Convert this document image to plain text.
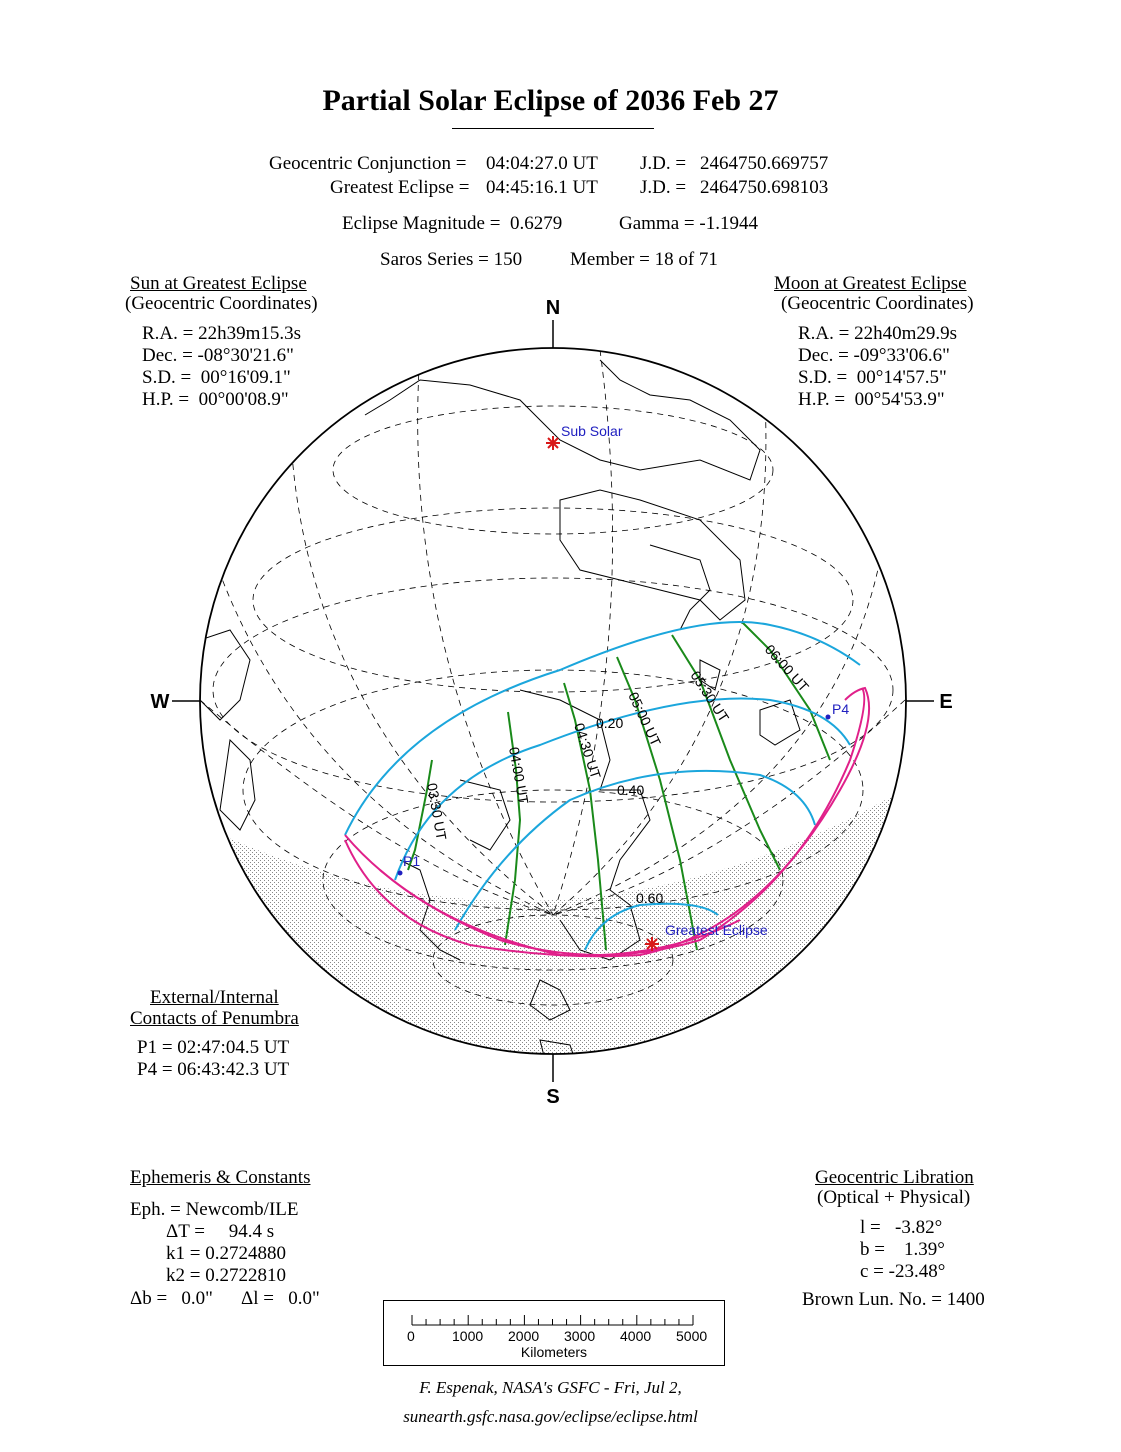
Partial Solar Eclipse of 2036 Feb 27
Geocentric Conjunction = 04:04:27.0 UT J.D. = 2464750.669757
Greatest Eclipse = 04:45:16.1 UT J.D. = 2464750.698103
Eclipse Magnitude =  0.6279	Gamma = -1.1944
Saros Series = 150	Member = 18 of 71
Sun at Greatest Eclipse
(Geocentric Coordinates)
R.A. = 22h39m15.3s
Dec. = -08°30'21.6"
S.D. =  00°16'09.1"
H.P. =  00°00'08.9"
Moon at Greatest Eclipse
(Geocentric Coordinates)
R.A. = 22h40m29.9s
Dec. = -09°33'06.6"
S.D. =  00°14'57.5"
H.P. =  00°54'53.9"
External/Internal
Contacts of Penumbra
P1 = 02:47:04.5 UT
P4 = 06:43:42.3 UT
Ephemeris & Constants
Eph. = Newcomb/ILE
ΔT =     94.4 s
k1 = 0.2724880
k2 = 0.2722810
Δb =   0.0" Δl =   0.0"
Geocentric Libration
(Optical + Physical)
l =   -3.82°
b =    1.39°
c = -23.48°
Brown Lun. No. = 1400
N
S
W	E
Sub Solar
Greatest Eclipse
P1
P4
0.20
0.40
0.60
03:30 UT
04:00 UT	04:30 UT
05:00 UT 05:30 UT 06:00 UT
0	1000 2000 3000 4000 5000
Kilometers
F. Espenak, NASA's GSFC - Fri, Jul 2,
sunearth.gsfc.nasa.gov/eclipse/eclipse.html
